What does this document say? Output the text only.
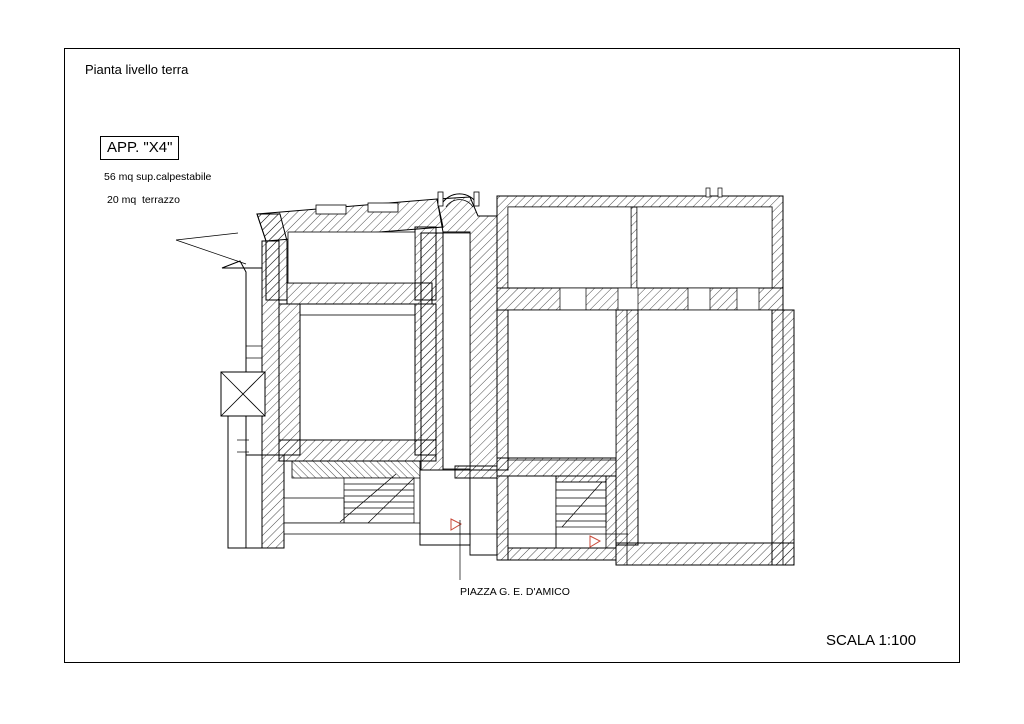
Pianta livello terra
APP. "X4"
56 mq sup.calpestabile
20 mq  terrazzo
PIAZZA G. E. D'AMICO
SCALA 1:100
